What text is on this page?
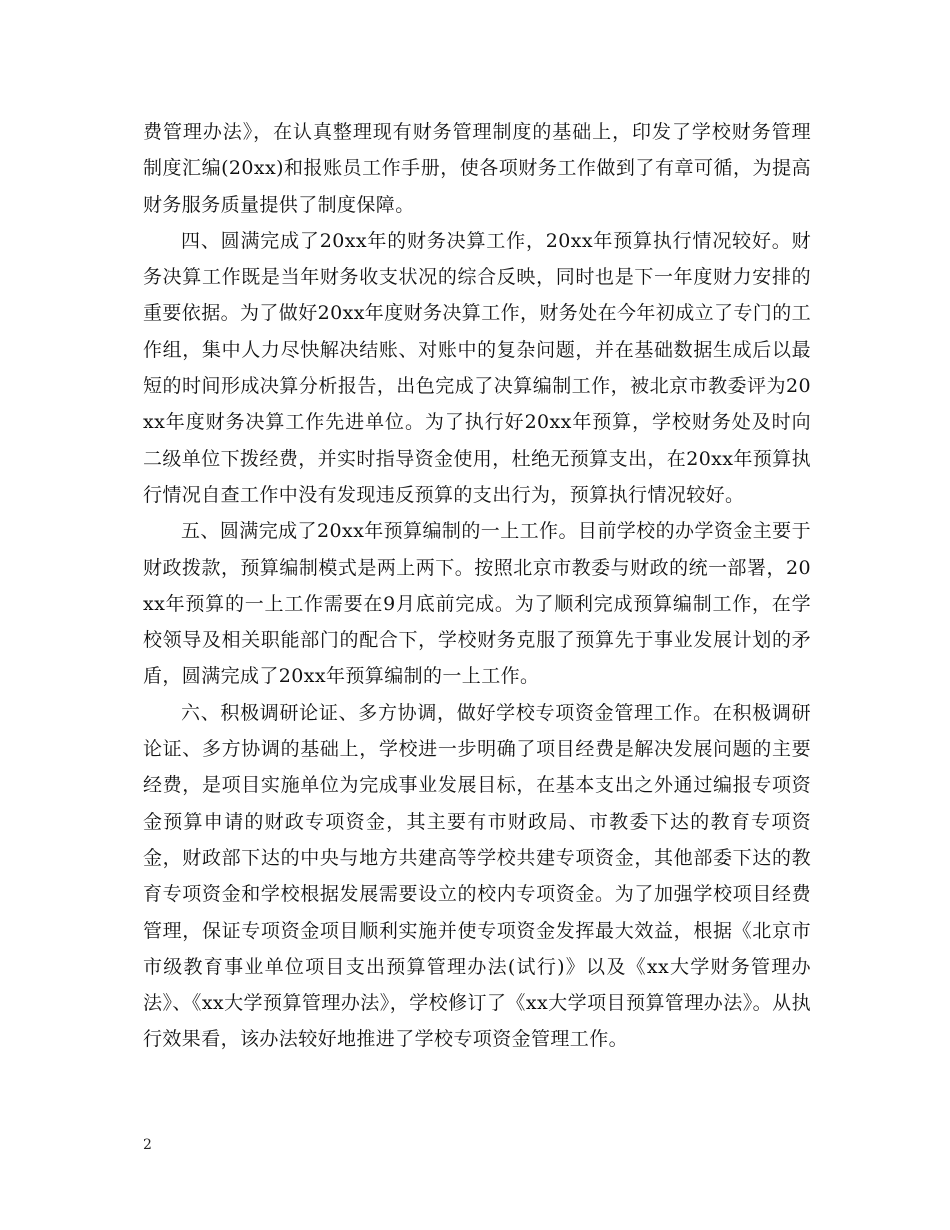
费管理办法》，在认真整理现有财务管理制度的基础上，印发了学校财务管理制度汇编(20xx)和报账员工作手册，使各项财务工作做到了有章可循，为提高财务服务质量提供了制度保障。

四、圆满完成了20xx年的财务决算工作，20xx年预算执行情况较好。财务决算工作既是当年财务收支状况的综合反映，同时也是下一年度财力安排的重要依据。为了做好20xx年度财务决算工作，财务处在今年初成立了专门的工作组，集中人力尽快解决结账、对账中的复杂问题，并在基础数据生成后以最短的时间形成决算分析报告，出色完成了决算编制工作，被北京市教委评为20xx年度财务决算工作先进单位。为了执行好20xx年预算，学校财务处及时向二级单位下拨经费，并实时指导资金使用，杜绝无预算支出，在20xx年预算执行情况自查工作中没有发现违反预算的支出行为，预算执行情况较好。

五、圆满完成了20xx年预算编制的一上工作。目前学校的办学资金主要于财政拨款，预算编制模式是两上两下。按照北京市教委与财政的统一部署，20xx年预算的一上工作需要在9月底前完成。为了顺利完成预算编制工作，在学校领导及相关职能部门的配合下，学校财务克服了预算先于事业发展计划的矛盾，圆满完成了20xx年预算编制的一上工作。

六、积极调研论证、多方协调，做好学校专项资金管理工作。在积极调研论证、多方协调的基础上，学校进一步明确了项目经费是解决发展问题的主要经费，是项目实施单位为完成事业发展目标，在基本支出之外通过编报专项资金预算申请的财政专项资金，其主要有市财政局、市教委下达的教育专项资金，财政部下达的中央与地方共建高等学校共建专项资金，其他部委下达的教育专项资金和学校根据发展需要设立的校内专项资金。为了加强学校项目经费管理，保证专项资金项目顺利实施并使专项资金发挥最大效益，根据《北京市市级教育事业单位项目支出预算管理办法(试行)》以及《xx大学财务管理办法》、《xx大学预算管理办法》，学校修订了《xx大学项目预算管理办法》。从执行效果看，该办法较好地推进了学校专项资金管理工作。

2
